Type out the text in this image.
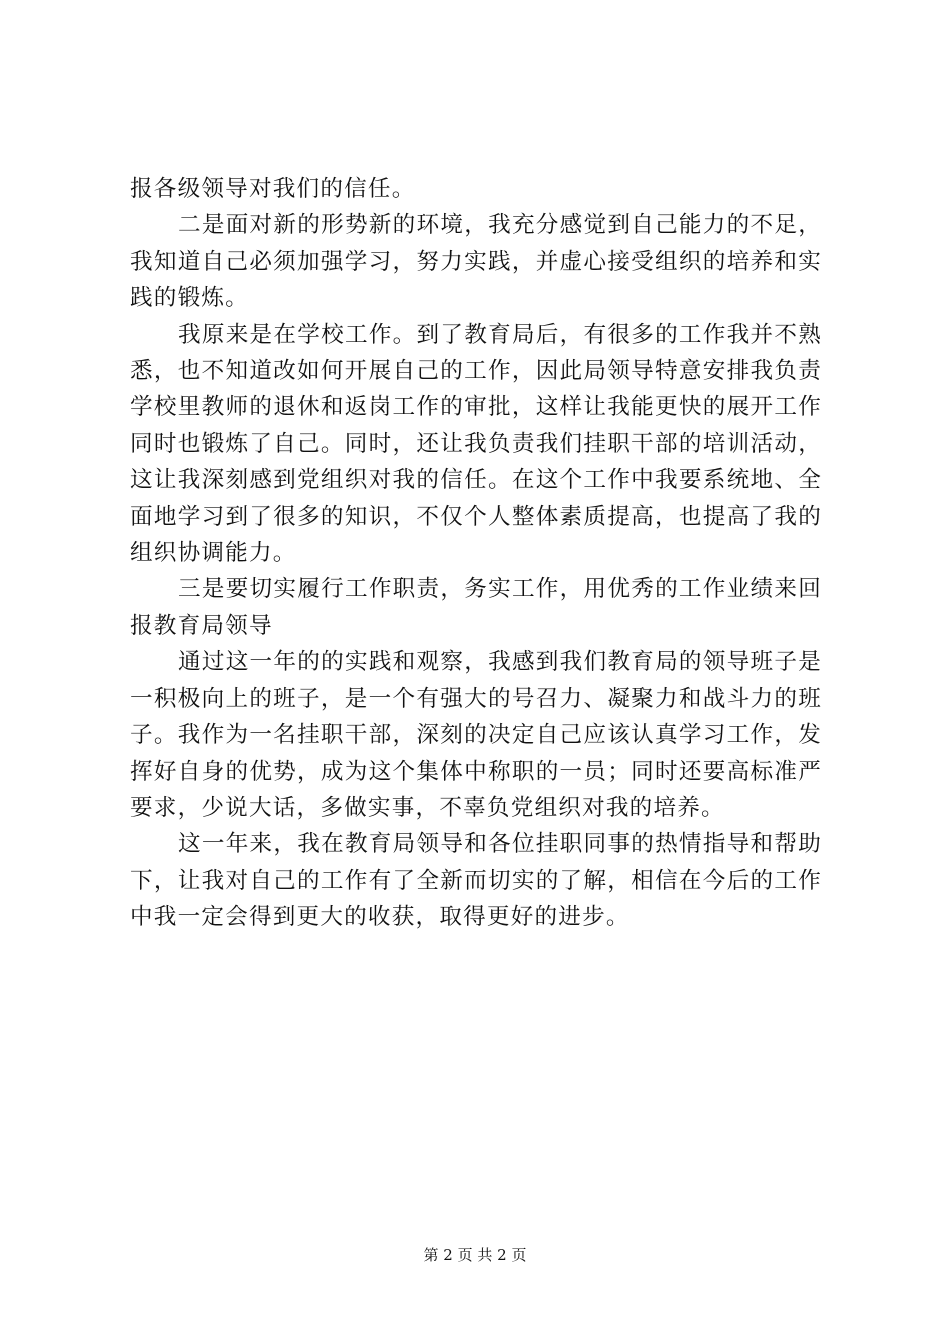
报各级领导对我们的信任。

二是面对新的形势新的环境，我充分感觉到自己能力的不足，我知道自己必须加强学习，努力实践，并虚心接受组织的培养和实践的锻炼。

我原来是在学校工作。到了教育局后，有很多的工作我并不熟悉，也不知道改如何开展自己的工作，因此局领导特意安排我负责学校里教师的退休和返岗工作的审批，这样让我能更快的展开工作同时也锻炼了自己。同时，还让我负责我们挂职干部的培训活动，这让我深刻感到党组织对我的信任。在这个工作中我要系统地、全面地学习到了很多的知识，不仅个人整体素质提高，也提高了我的组织协调能力。

三是要切实履行工作职责，务实工作，用优秀的工作业绩来回报教育局领导

通过这一年的的实践和观察，我感到我们教育局的领导班子是一积极向上的班子，是一个有强大的号召力、凝聚力和战斗力的班子。我作为一名挂职干部，深刻的决定自己应该认真学习工作，发挥好自身的优势，成为这个集体中称职的一员；同时还要高标准严要求，少说大话，多做实事，不辜负党组织对我的培养。

这一年来，我在教育局领导和各位挂职同事的热情指导和帮助下，让我对自己的工作有了全新而切实的了解，相信在今后的工作中我一定会得到更大的收获，取得更好的进步。

第 2 页 共 2 页
